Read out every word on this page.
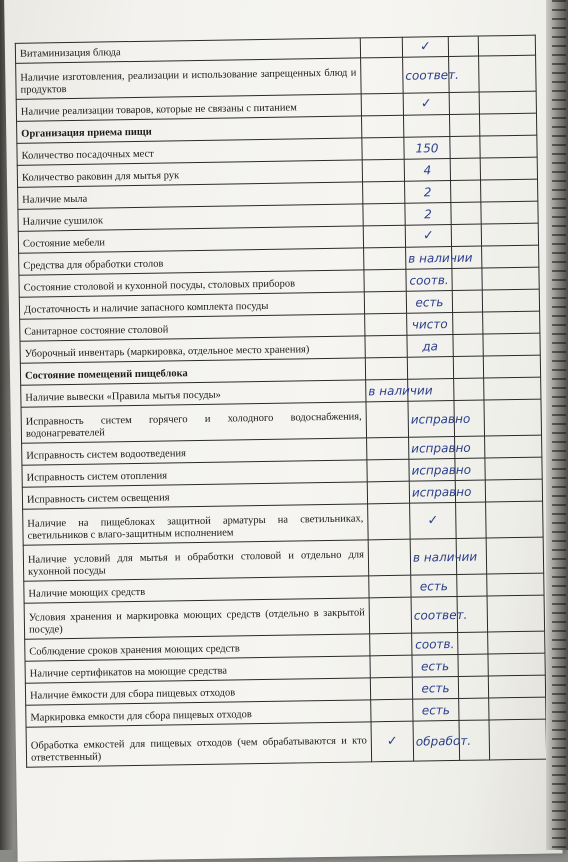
Витаминизация блюда		✓		
Наличие изготовления, реализации и использование запрещенных блюд и продуктов		соответ.		
Наличие реализации товаров, которые не связаны с питанием		✓		
Организация приема пищи				
Количество посадочных мест		150		
Количество раковин для мытья рук		4		
Наличие мыла		2		
Наличие сушилок		2		
Состояние мебели		✓		
Средства для обработки столов		в наличии		
Состояние столовой и кухонной посуды, столовых приборов		соотв.		
Достаточность и наличие запасного комплекта посуды		есть		
Санитарное состояние столовой		чисто		
Уборочный инвентарь (маркировка, отдельное место хранения)		да		
Состояние помещений пищеблока				
Наличие вывески «Правила мытья посуды»	в наличии			
Исправность систем горячего и холодного водоснабжения, водонагревателей		исправно		
Исправность систем водоотведения		исправно		
Исправность систем отопления		исправно		
Исправность систем освещения		исправно		
Наличие на пищеблоках защитной арматуры на светильниках, светильников с влаго-защитным исполнением		✓		
Наличие условий для мытья и обработки столовой и отдельно для кухонной посуды		в наличии		
Наличие моющих средств		есть		
Условия хранения и маркировка моющих средств (отдельно в закрытой посуде)		соответ.		
Соблюдение сроков хранения моющих средств		соотв.		
Наличие сертификатов на моющие средства		есть		
Наличие ёмкости для сбора пищевых отходов		есть		
Маркировка емкости для сбора пищевых отходов		есть		
Обработка емкостей для пищевых отходов (чем обрабатываются и кто ответственный)	✓	обработ.		
